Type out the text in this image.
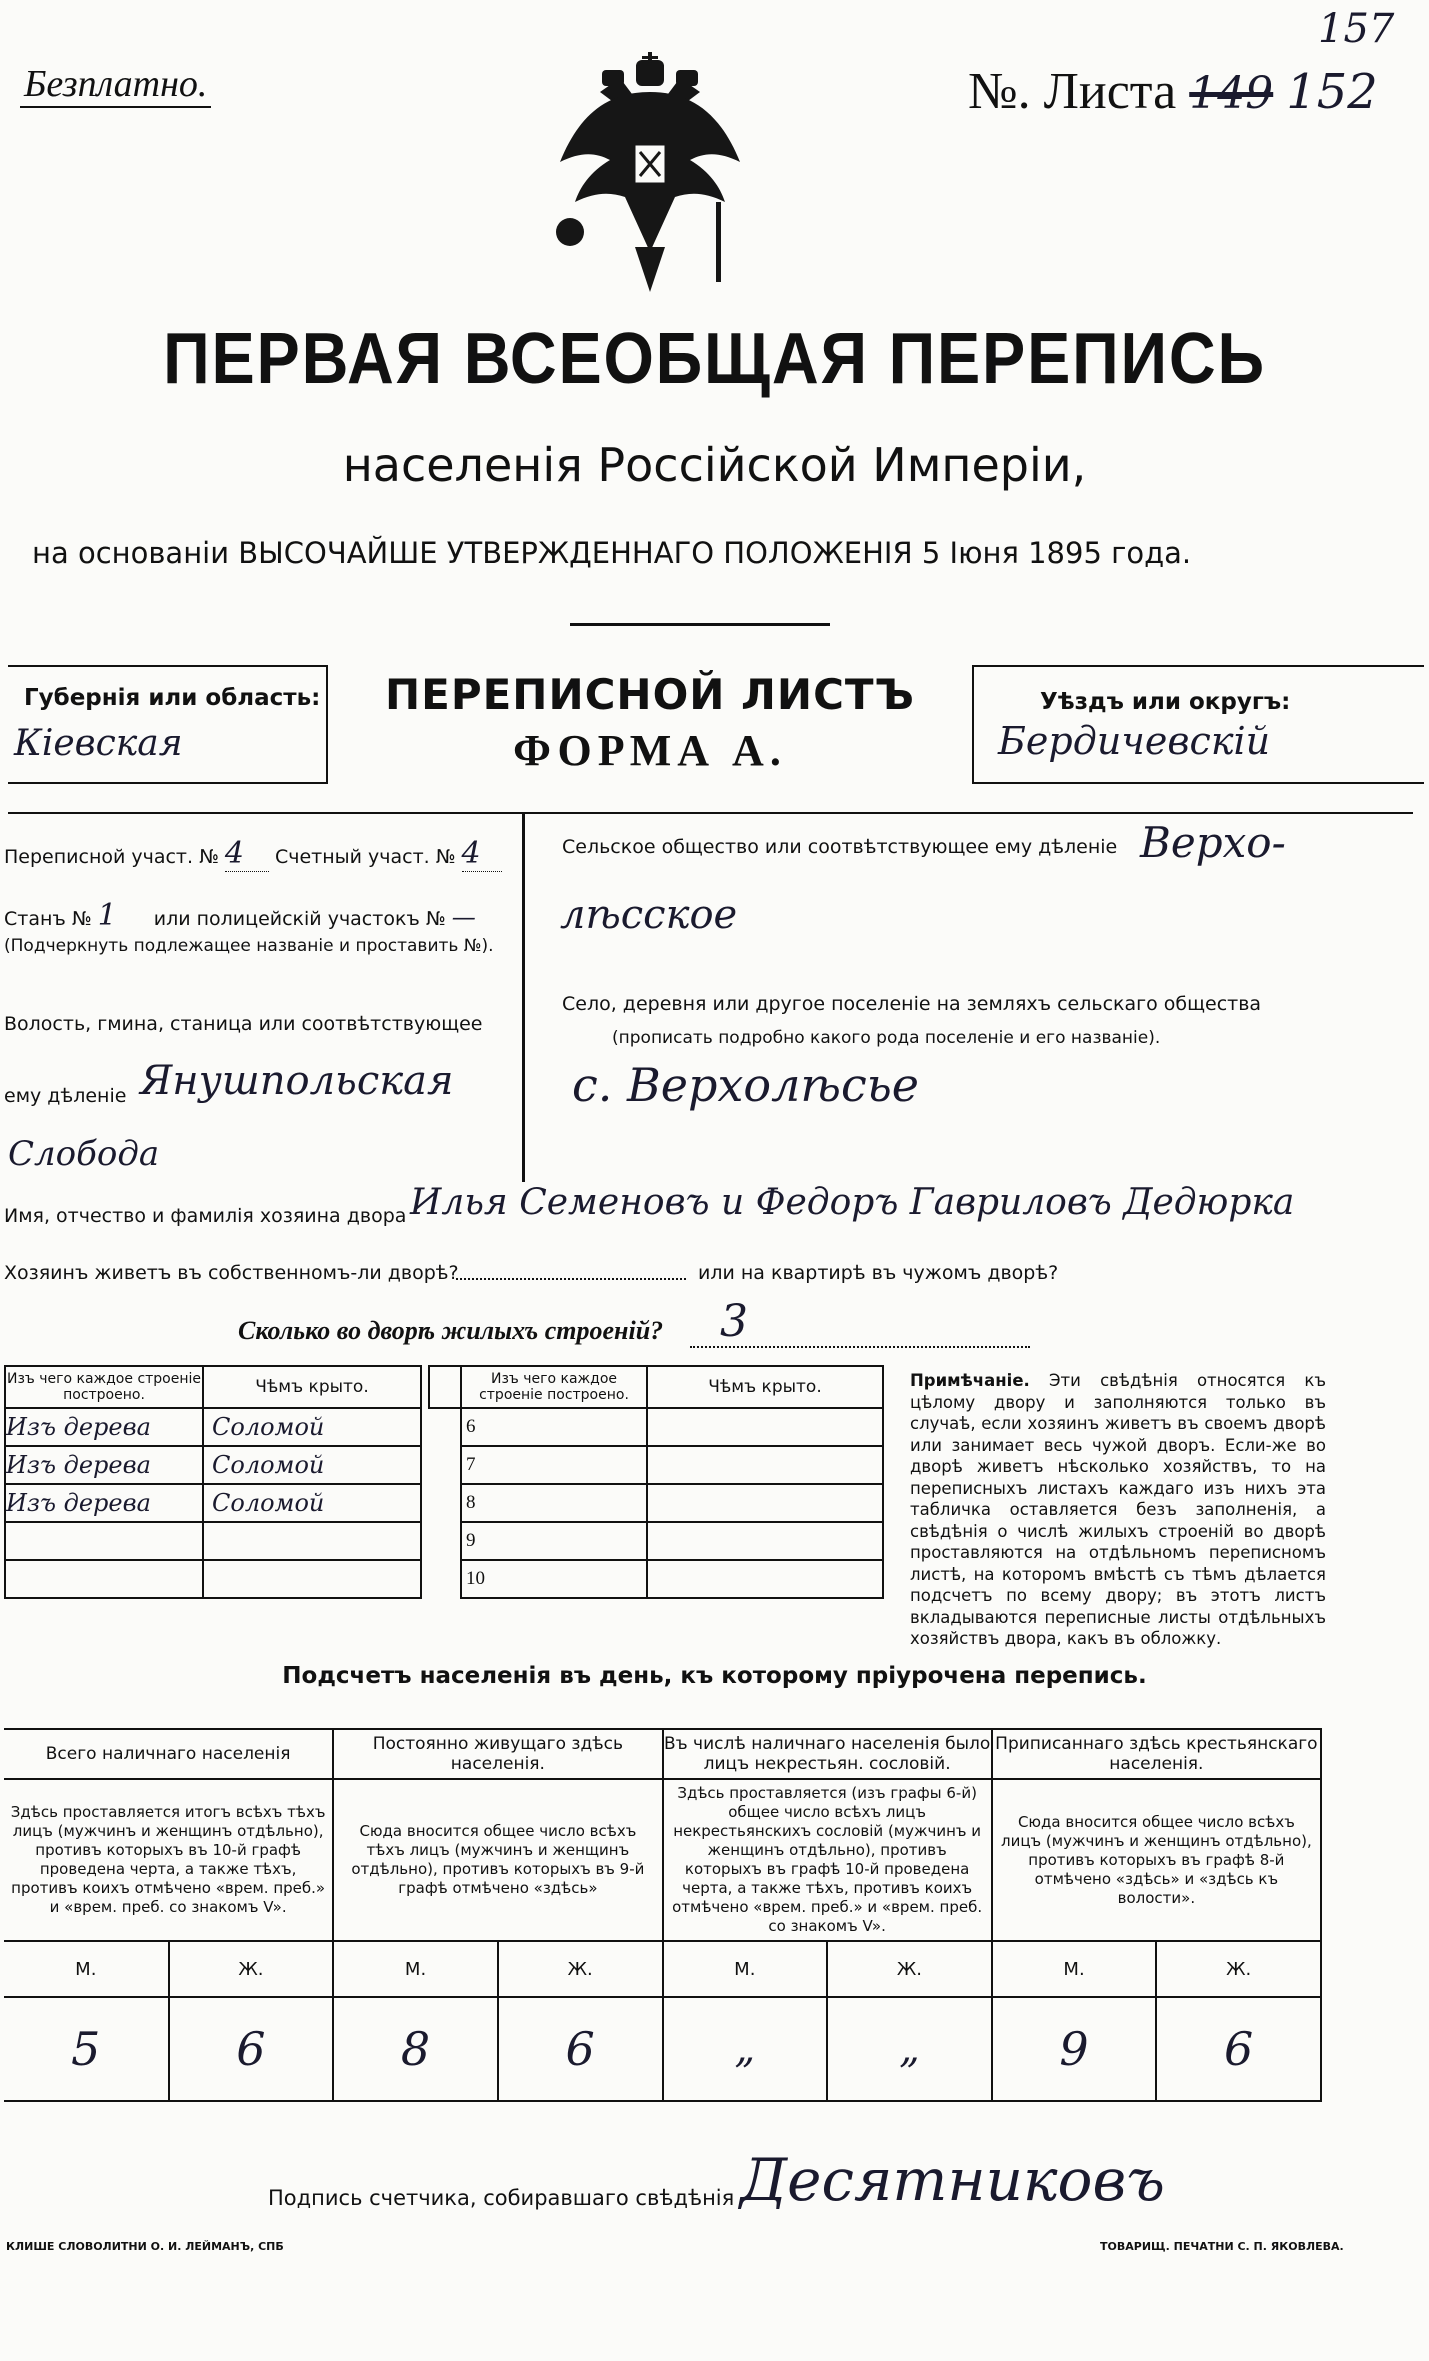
Безплатно.
157
№. Листа 149 152
ПЕРВАЯ ВСЕОБЩАЯ ПЕРЕПИСЬ
населенія Россійской Имперіи,
на основаніи ВЫСОЧАЙШЕ УТВЕРЖДЕННАГО ПОЛОЖЕНІЯ 5 Іюня 1895 года.
Губернія или область:
Кіевская
ПЕРЕПИСНОЙ ЛИСТЪ
ФОРМА А.
Уѣздъ или округъ:
Бердичевскій
Переписной участ. № 4 Счетный участ. № 4
Станъ № 1 или полицейскій участокъ № —
(Подчеркнуть подлежащее названіе и проставить №).
Волость, гмина, станица или соотвѣтствующее
ему дѣленіе Янушпольская
Слобода
Сельское общество или соотвѣтствующее ему дѣленіе Верхо-
лѣсское
Село, деревня или другое поселеніе на земляхъ сельскаго общества
(прописать подробно какого рода поселеніе и его названіе).
с. Верхолѣсье
Имя, отчество и фамилія хозяина двора Илья Семеновъ и Федоръ Гавриловъ Дедюрка
Хозяинъ живетъ въ собственномъ-ли дворѣ?	или на квартирѣ въ чужомъ дворѣ?
Сколько во дворѣ жилыхъ строеній? 3
Изъ чего каждое строеніе построено.	Чѣмъ крыто.
Изъ дерева	Соломой
Изъ дерева	Соломой
Изъ дерева	Соломой

	Изъ чего каждое строеніе построено.	Чѣмъ крыто.
	6	
	7	
	8	
	9	
	10	
Примѣчаніе. Эти свѣдѣнія относятся къ цѣлому двору и заполняются только въ случаѣ, если хозяинъ живетъ въ своемъ дворѣ или занимает весь чужой дворъ. Если-же во дворѣ живетъ нѣсколько хозяйствъ, то на переписныхъ листахъ каждаго изъ нихъ эта табличка оставляется безъ заполненія, а свѣдѣнія о числѣ жилыхъ строеній во дворѣ проставляются на отдѣльномъ переписномъ листѣ, на которомъ вмѣстѣ съ тѣмъ дѣлается подсчетъ по всему двору; въ этотъ листъ вкладываются переписные листы отдѣльныхъ хозяйствъ двора, какъ въ обложку.
Подсчетъ населенія въ день, къ которому пріурочена перепись.
Всего наличнаго населенія		Постоянно живущаго здѣсь населенія.		Въ числѣ наличнаго населенія было лицъ некрестьян. сословій.		Приписаннаго здѣсь крестьянскаго населенія.	
Здѣсь проставляется итогъ всѣхъ тѣхъ лицъ (мужчинъ и женщинъ отдѣльно), противъ которыхъ въ 10-й графѣ проведена черта, а также тѣхъ, противъ коихъ отмѣчено «врем. преб.» и «врем. преб. со знакомъ V».		Сюда вносится общее число всѣхъ тѣхъ лицъ (мужчинъ и женщинъ отдѣльно), противъ которыхъ въ 9-й графѣ отмѣчено «здѣсь»		Здѣсь проставляется (изъ графы 6-й) общее число всѣхъ лицъ некрестьянскихъ сословій (мужчинъ и женщинъ отдѣльно), противъ которыхъ въ графѣ 10-й проведена черта, а также тѣхъ, противъ коихъ отмѣчено «врем. преб.» и «врем. преб. со знакомъ V».		Сюда вносится общее число всѣхъ лицъ (мужчинъ и женщинъ отдѣльно), противъ которыхъ въ графѣ 8-й отмѣчено «здѣсь» и «здѣсь къ волости».	
М.	Ж.	М.	Ж.	М.	Ж.	М.	Ж.
5	6	8	6	„	„	9	6
Подпись счетчика, собиравшаго свѣдѣнія Десятниковъ
КЛИШЕ СЛОВОЛИТНИ О. И. ЛЕЙМАНЪ, СПБ	ТОВАРИЩ. ПЕЧАТНИ С. П. ЯКОВЛЕВА.
